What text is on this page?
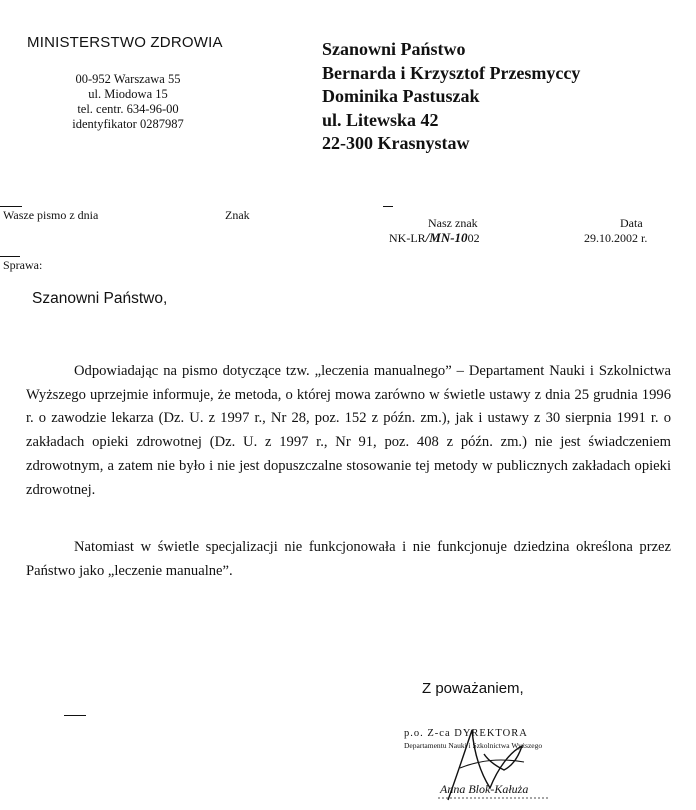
MINISTERSTWO ZDROWIA
00-952 Warszawa 55
ul. Miodowa 15
tel. centr. 634-96-00
identyfikator 0287987
Szanowni Państwo
Bernarda i Krzysztof Przesmyccy
Dominika Pastuszak
ul. Litewska 42
22-300 Krasnystaw
Wasze pismo z dnia	Znak
Nasz znak
NK-LR/MN-1002
Data
29.10.2002 r.
Sprawa:
Szanowni Państwo,

Odpowiadając na pismo dotyczące tzw. „leczenia manualnego” – Departament Nauki i Szkolnictwa Wyższego uprzejmie informuje, że metoda, o której mowa zarówno w świetle ustawy z dnia 25 grudnia 1996 r. o zawodzie lekarza (Dz. U. z 1997 r., Nr 28, poz. 152 z późn. zm.), jak i ustawy z 30 sierpnia 1991 r. o zakładach opieki zdrowotnej (Dz. U. z 1997 r., Nr 91, poz. 408 z późn. zm.) nie jest świadczeniem zdrowotnym, a zatem nie było i nie jest dopuszczalne stosowanie tej metody w publicznych zakładach opieki zdrowotnej.

Natomiast w świetle specjalizacji nie funkcjonowała i nie funkcjonuje dziedzina określona przez Państwo jako „leczenie manualne”.

Z poważaniem,
p.o. Z-ca DYREKTORA
Departamentu Nauki i Szkolnictwa Wyższego
Anna Blok-Kałuża
